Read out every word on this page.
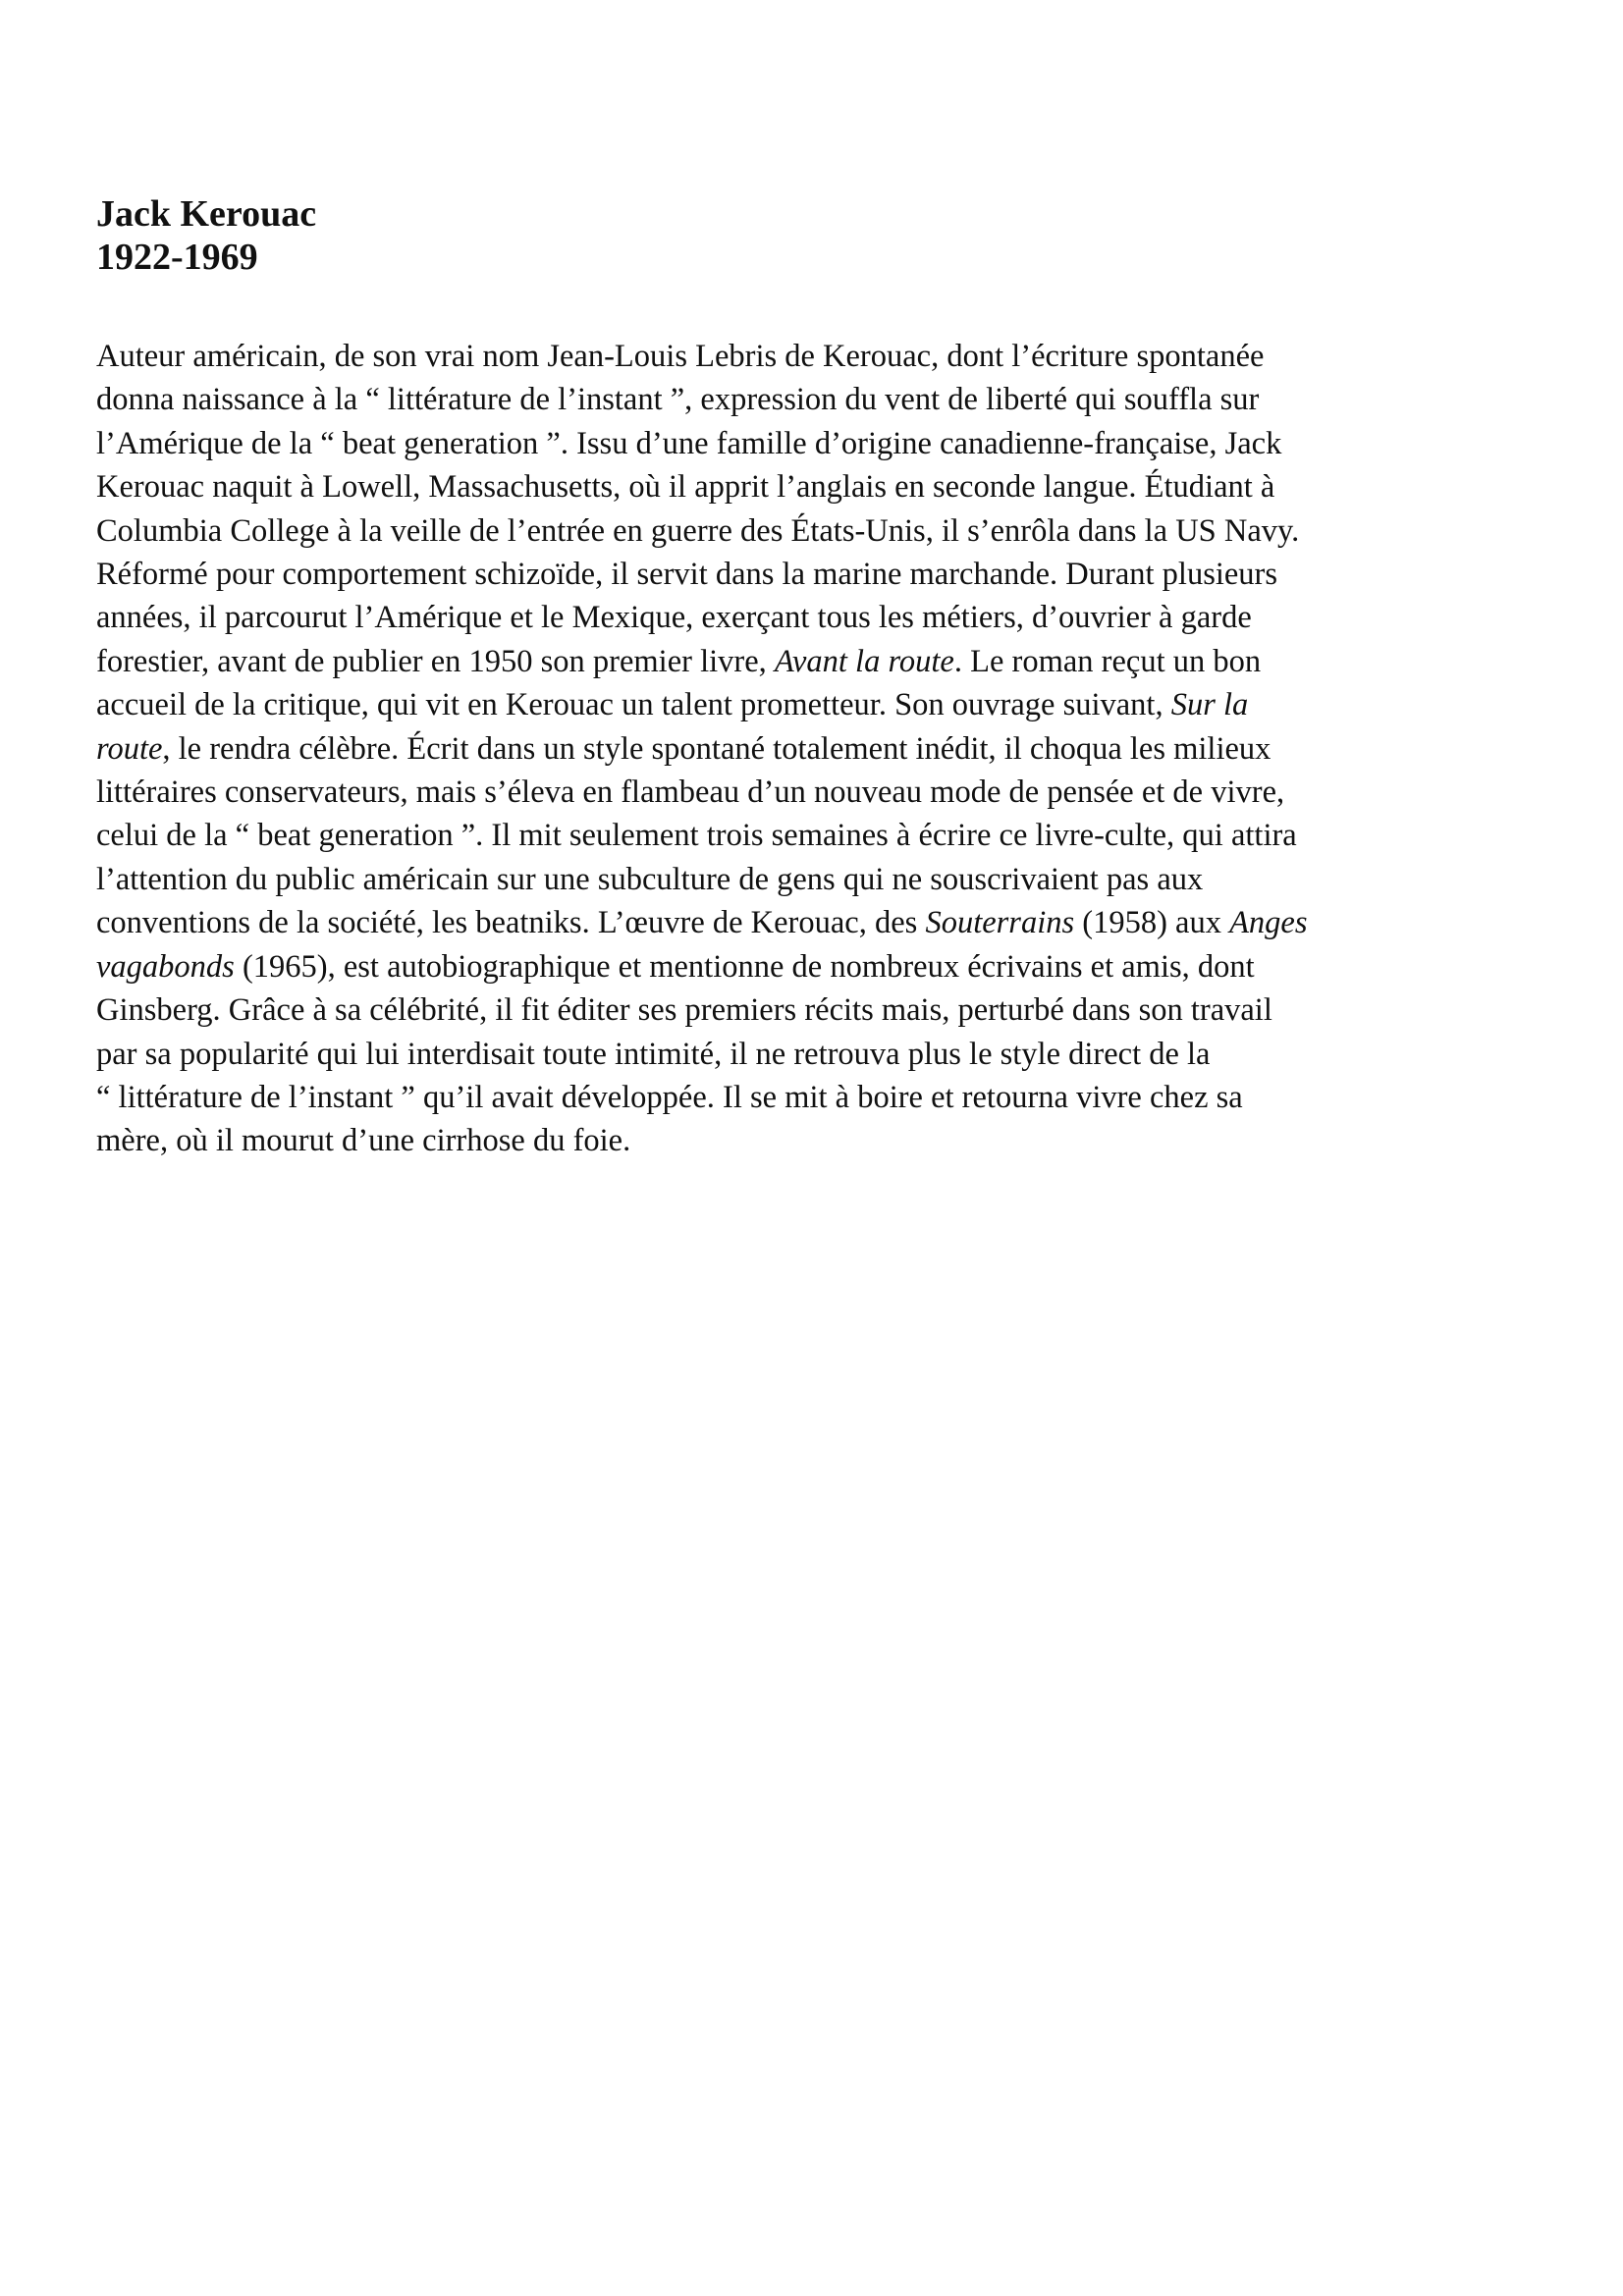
Jack Kerouac
1922-1969
Auteur américain, de son vrai nom Jean-Louis Lebris de Kerouac, dont l’écriture spontanée
donna naissance à la “ littérature de l’instant ”, expression du vent de liberté qui souffla sur
l’Amérique de la “ beat generation ”. Issu d’une famille d’origine canadienne-française, Jack
Kerouac naquit à Lowell, Massachusetts, où il apprit l’anglais en seconde langue. Étudiant à
Columbia College à la veille de l’entrée en guerre des États-Unis, il s’enrôla dans la US Navy.
Réformé pour comportement schizoïde, il servit dans la marine marchande. Durant plusieurs
années, il parcourut l’Amérique et le Mexique, exerçant tous les métiers, d’ouvrier à garde
forestier, avant de publier en 1950 son premier livre, Avant la route. Le roman reçut un bon
accueil de la critique, qui vit en Kerouac un talent prometteur. Son ouvrage suivant, Sur la
route, le rendra célèbre. Écrit dans un style spontané totalement inédit, il choqua les milieux
littéraires conservateurs, mais s’éleva en flambeau d’un nouveau mode de pensée et de vivre,
celui de la “ beat generation ”. Il mit seulement trois semaines à écrire ce livre-culte, qui attira
l’attention du public américain sur une subculture de gens qui ne souscrivaient pas aux
conventions de la société, les beatniks. L’œuvre de Kerouac, des Souterrains (1958) aux Anges
vagabonds (1965), est autobiographique et mentionne de nombreux écrivains et amis, dont
Ginsberg. Grâce à sa célébrité, il fit éditer ses premiers récits mais, perturbé dans son travail
par sa popularité qui lui interdisait toute intimité, il ne retrouva plus le style direct de la
“ littérature de l’instant ” qu’il avait développée. Il se mit à boire et retourna vivre chez sa
mère, où il mourut d’une cirrhose du foie.
